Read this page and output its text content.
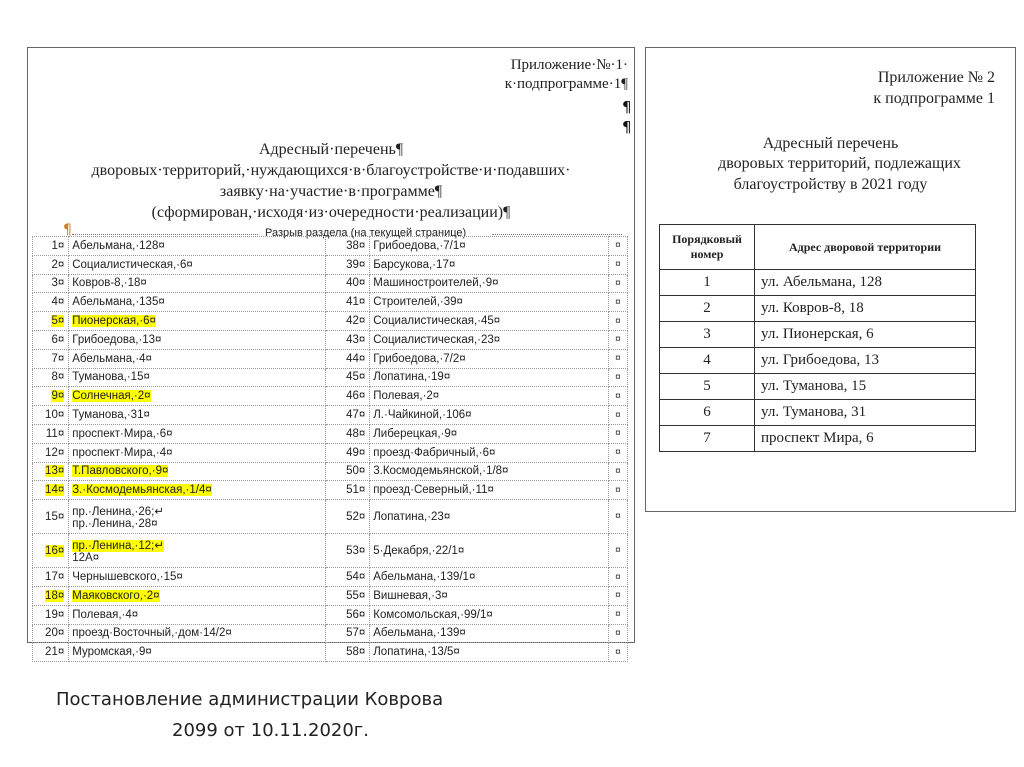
Приложение·№·1·
к·подпрограмме·1¶
¶
¶
Адресный·перечень¶
дворовых·территорий,·нуждающихся·в·благоустройстве·и·подавших·
заявку·на·участие·в·программе¶
(сформирован,·исходя·из·очередности·реализации)¶
¶	Разрыв раздела (на текущей странице)
1¤	Абельмана,·128¤	38¤	Грибоедова,·7/1¤	¤
2¤	Социалистическая,·6¤	39¤	Барсукова,·17¤	¤
3¤	Ковров-8,·18¤	40¤	Машиностроителей,·9¤	¤
4¤	Абельмана,·135¤	41¤	Строителей,·39¤	¤
5¤	Пионерская,·6¤	42¤	Социалистическая,·45¤	¤
6¤	Грибоедова,·13¤	43¤	Социалистическая,·23¤	¤
7¤	Абельмана,·4¤	44¤	Грибоедова,·7/2¤	¤
8¤	Туманова,·15¤	45¤	Лопатина,·19¤	¤
9¤	Солнечная,·2¤	46¤	Полевая,·2¤	¤
10¤	Туманова,·31¤	47¤	Л.·Чайкиной,·106¤	¤
11¤	проспект·Мира,·6¤	48¤	Либерецкая,·9¤	¤
12¤	проспект·Мира,·4¤	49¤	проезд·Фабричный,·6¤	¤
13¤	Т.Павловского,·9¤	50¤	3.Космодемьянской,·1/8¤	¤
14¤	З.·Космодемьянская,·1/4¤	51¤	проезд·Северный,·11¤	¤
15¤	пр.·Ленина,·26;↵
пр.·Ленина,·28¤	52¤	Лопатина,·23¤	¤
16¤	пр.·Ленина,·12;↵
12А¤	53¤	5·Декабря,·22/1¤	¤
17¤	Чернышевского,·15¤	54¤	Абельмана,·139/1¤	¤
18¤	Маяковского,·2¤	55¤	Вишневая,·3¤	¤
19¤	Полевая,·4¤	56¤	Комсомольская,·99/1¤	¤
20¤	проезд·Восточный,·дом·14/2¤	57¤	Абельмана,·139¤	¤
21¤	Муромская,·9¤	58¤	Лопатина,·13/5¤	¤
Приложение № 2
к подпрограмме 1
Адресный перечень
дворовых территорий, подлежащих
благоустройству в 2021 году
Порядковый номер	Адрес дворовой территории
1	ул. Абельмана, 128
2	ул. Ковров-8, 18
3	ул. Пионерская, 6
4	ул. Грибоедова, 13
5	ул. Туманова, 15
6	ул. Туманова, 31
7	проспект Мира, 6
Постановление администрации Коврова
2099 от 10.11.2020г.
